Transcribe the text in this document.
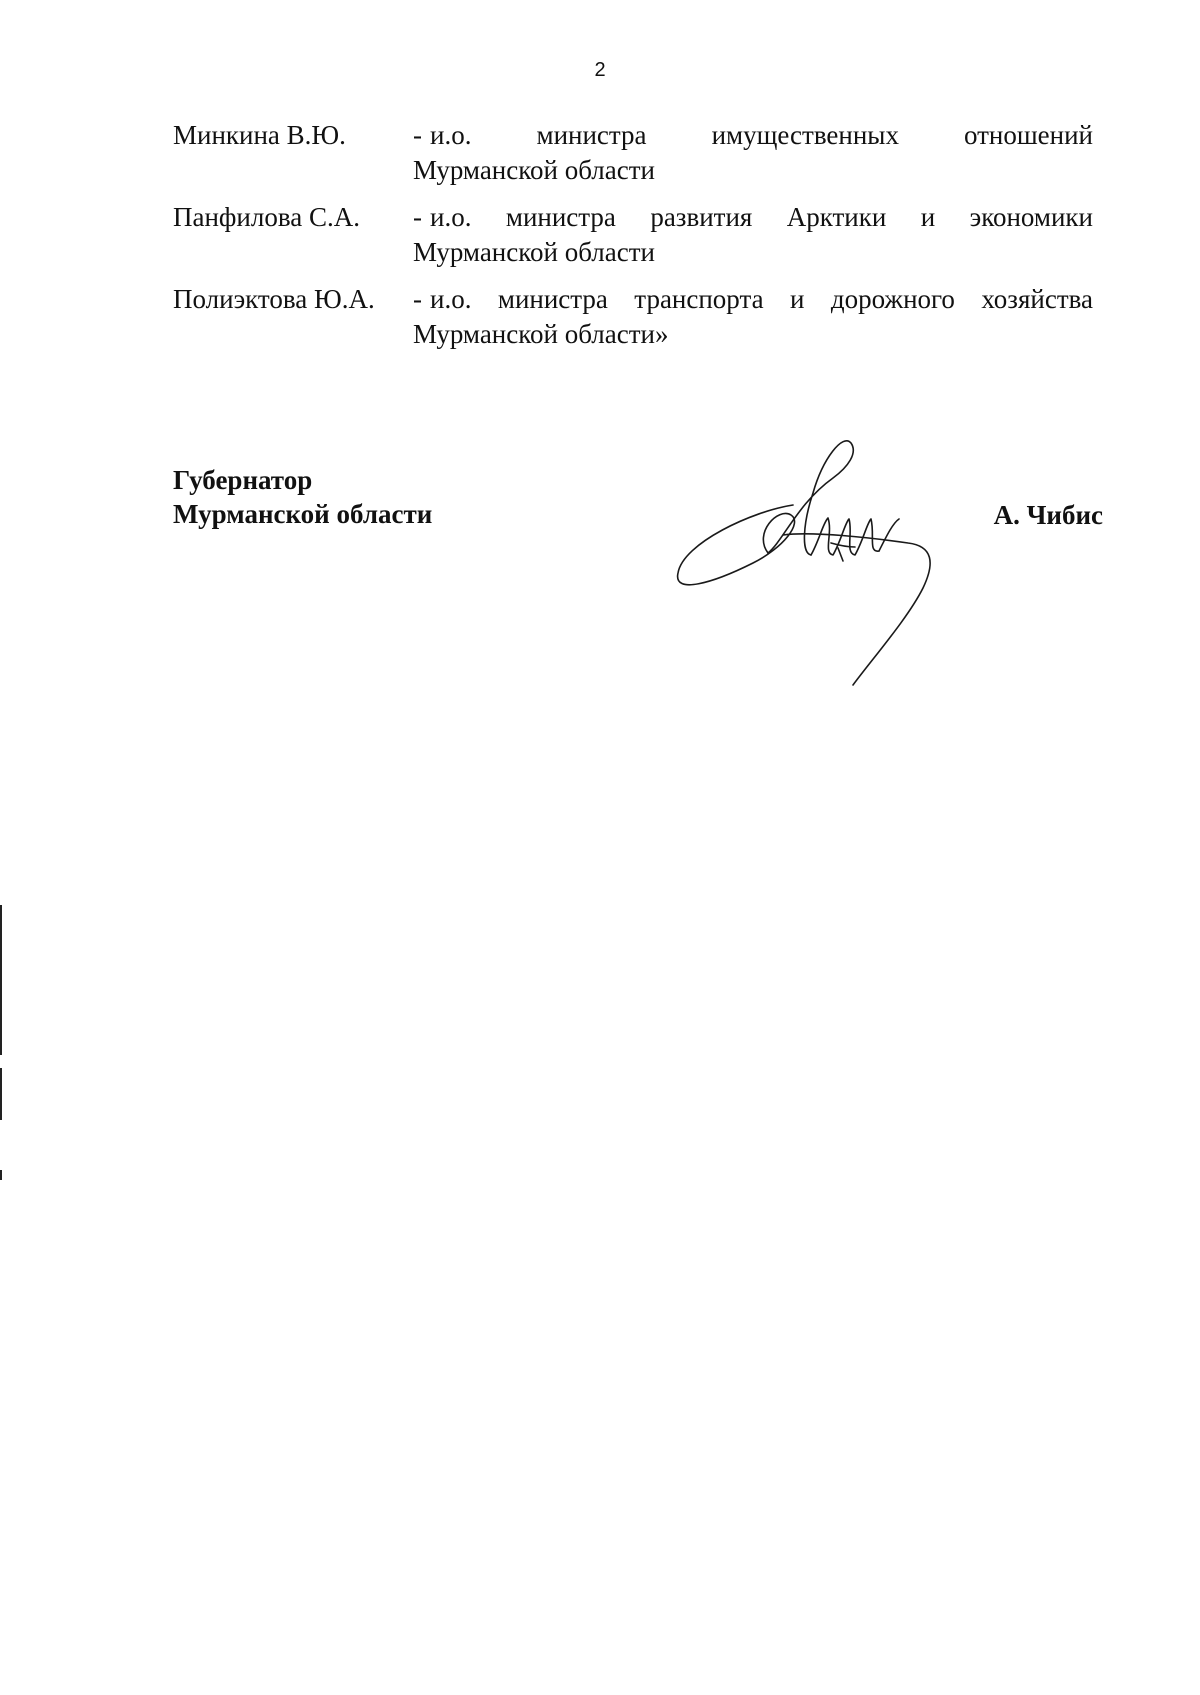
2
Минкина В.Ю.	- и.о. министра имущественных отношений
Мурманской области
Панфилова С.А.	- и.о. министра развития Арктики и экономики
Мурманской области
Полиэктова Ю.А.	- и.о. министра транспорта и дорожного хозяйства
Мурманской области»
Губернатор
Мурманской области	А. Чибис
